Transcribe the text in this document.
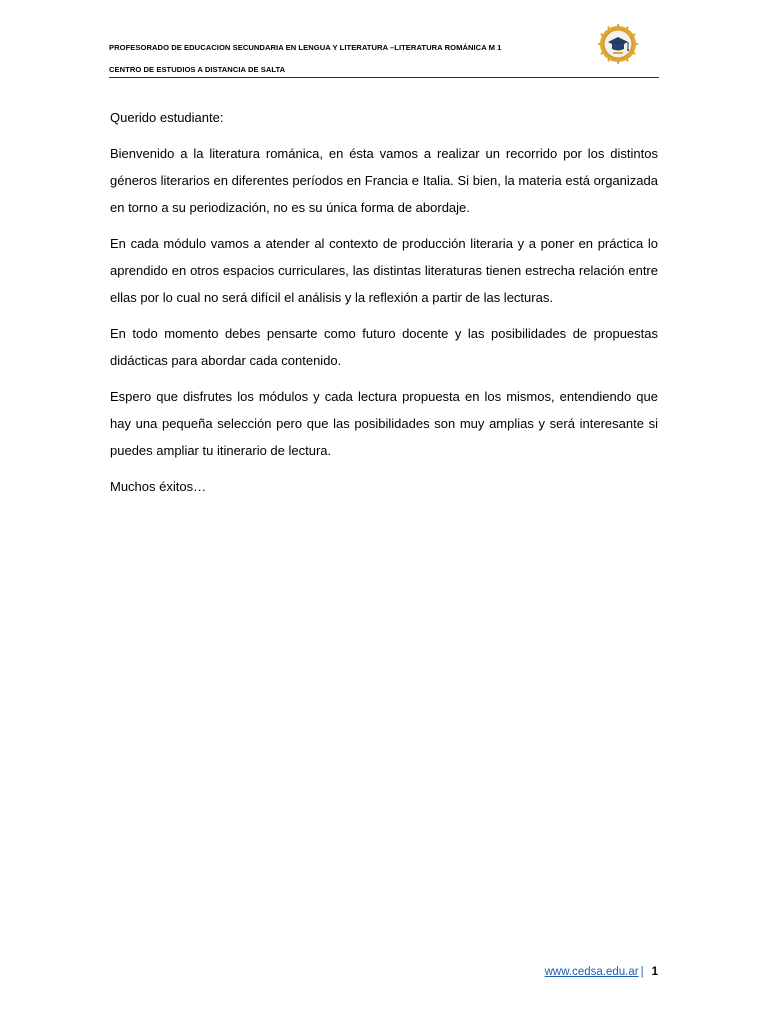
PROFESORADO DE EDUCACION SECUNDARIA EN LENGUA Y LITERATURA –LITERATURA ROMÁNICA M 1
CENTRO DE ESTUDIOS A DISTANCIA DE SALTA

Querido estudiante:

Bienvenido a la literatura románica, en ésta vamos a realizar un recorrido por los distintos géneros literarios en diferentes períodos en Francia e Italia. Si bien, la materia está organizada en torno a su periodización, no es su única forma de abordaje.

En cada módulo vamos a atender al contexto de producción literaria y a poner en práctica lo aprendido en otros espacios curriculares, las distintas literaturas tienen estrecha relación entre ellas por lo cual no será difícil el análisis y la reflexión a partir de las lecturas.

En todo momento debes pensarte como futuro docente y las posibilidades de propuestas didácticas para abordar cada contenido.

Espero que disfrutes los módulos y cada lectura propuesta en los mismos, entendiendo que hay una pequeña selección pero que las posibilidades son muy amplias y será interesante si puedes ampliar tu itinerario de lectura.

Muchos éxitos…

www.cedsa.edu.ar | 1
